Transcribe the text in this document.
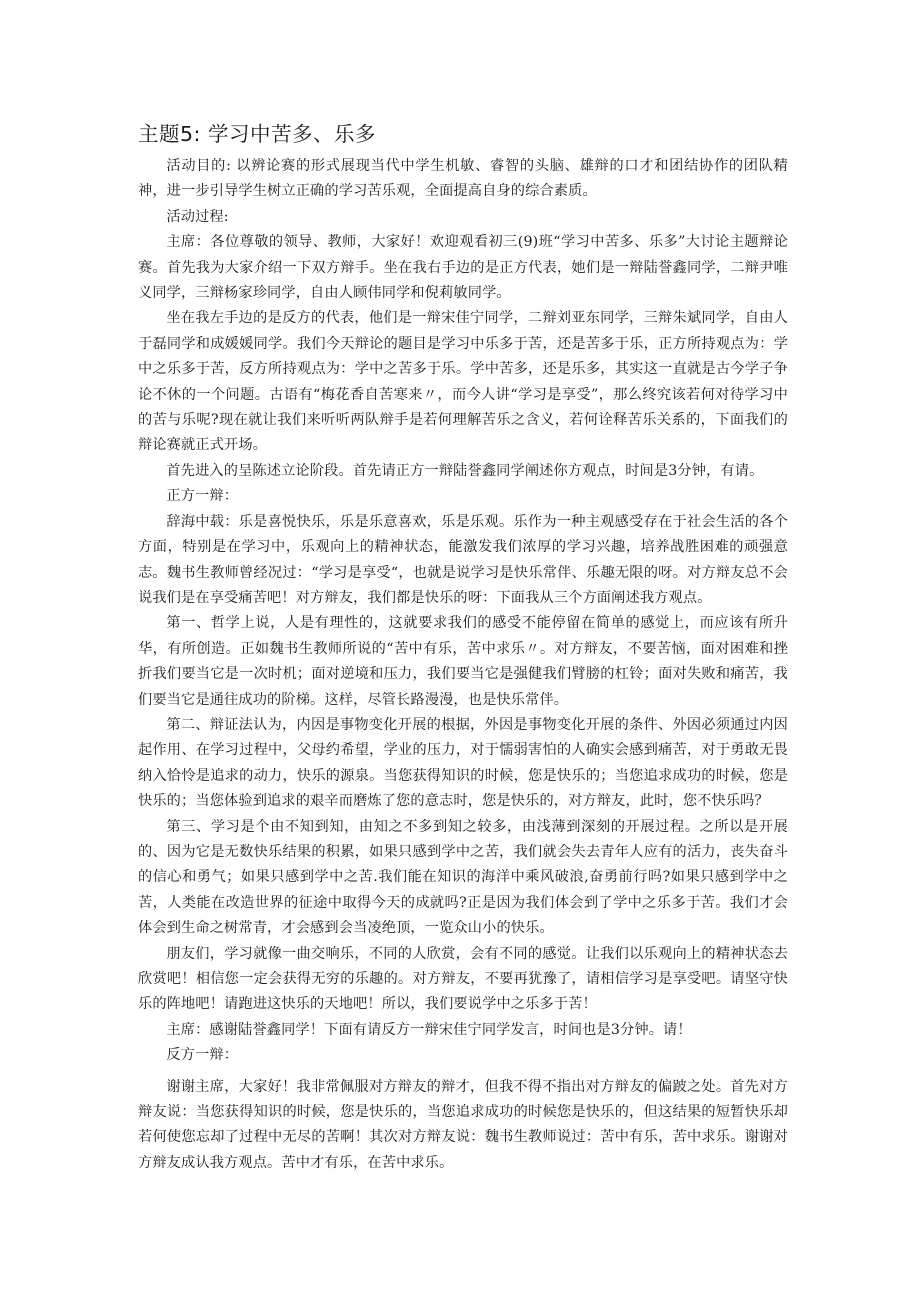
主题5: 学习中苦多、乐多

活动目的: 以辨论赛的形式展现当代中学生机敏、睿智的头脑、雄辩的口才和团结协作的团队精神，进一步引导学生树立正确的学习苦乐观，全面提高自身的综合素质。

活动过程:

主席：各位尊敬的领导、教师，大家好！欢迎观看初三(9)班“学习中苦多、乐多”大讨论主题辩论赛。首先我为大家介绍一下双方辩手。坐在我右手边的是正方代表，她们是一辩陆誉鑫同学，二辩尹唯义同学，三辩杨家珍同学，自由人顾伟同学和倪莉敏同学。

坐在我左手边的是反方的代表，他们是一辩宋佳宁同学，二辩刘亚东同学，三辩朱斌同学，自由人于磊同学和成媛媛同学。我们今天辩论的题目是学习中乐多于苦，还是苦多于乐，正方所持观点为：学中之乐多于苦，反方所持观点为：学中之苦多于乐。学中苦多，还是乐多，其实这一直就是古今学子争论不休的一个问题。古语有“梅花香自苦寒来〃，而今人讲“学习是享受”，那么终究该若何对待学习中的苦与乐呢?现在就让我们来听听两队辩手是若何理解苦乐之含义，若何诠释苦乐关系的，下面我们的辩论赛就正式开场。

首先进入的呈陈述立论阶段。首先请正方一辩陆誉鑫同学阐述你方观点，时间是3分钟，有请。

正方一辩：

辞海中载：乐是喜悦快乐，乐是乐意喜欢，乐是乐观。乐作为一种主观感受存在于社会生活的各个方面，特别是在学习中，乐观向上的精神状态，能激发我们浓厚的学习兴趣，培养战胜困难的顽强意志。魏书生教师曾经况过：“学习是享受“，也就是说学习是快乐常伴、乐趣无限的呀。对方辩友总不会说我们是在享受痛苦吧！对方辩友，我们都是快乐的呀：下面我从三个方面阐述我方观点。

第一、哲学上说，人是有理性的，这就要求我们的感受不能停留在简单的感觉上，而应该有所升华，有所创造。正如魏书生教师所说的“苦中有乐，苦中求乐〃。对方辩友，不要苦恼，面对困难和挫折我们要当它是一次时机；面对逆境和压力，我们要当它是强健我们臂膀的杠铃；面对失败和痛苦，我们要当它是通往成功的阶梯。这样，尽管长路漫漫，也是快乐常伴。

第二、辩证法认为，内因是事物变化开展的根据，外因是事物变化开展的条件、外因必须通过内因起作用、在学习过程中，父母约希望，学业的压力，对于懦弱害怕的人确实会感到痛苦，对于勇敢无畏纳入恰怜是追求的动力，快乐的源泉。当您获得知识的时候，您是快乐的；当您追求成功的时候，您是快乐的；当您体验到追求的艰辛而磨炼了您的意志时，您是快乐的，对方辩友，此时，您不快乐吗？

第三、学习是个由不知到知，由知之不多到知之较多，由浅薄到深刻的开展过程。之所以是开展的、因为它是无数快乐结果的积累，如果只感到学中之苦，我们就会失去青年人应有的活力，丧失奋斗的信心和勇气；如果只感到学中之苦.我们能在知识的海洋中乘风破浪,奋勇前行吗?如果只感到学中之苦，人类能在改造世界的征途中取得今天的成就吗?正是因为我们体会到了学中之乐多于苦。我们才会体会到生命之树常青，才会感到会当凌绝顶，一览众山小的快乐。

朋友们，学习就像一曲交响乐，不同的人欣赏，会有不同的感觉。让我们以乐观向上的精神状态去欣赏吧！相信您一定会获得无穷的乐趣的。对方辩友，不要再犹豫了，请相信学习是享受吧。请坚守快乐的阵地吧！请跑进这快乐的天地吧！所以，我们要说学中之乐多于苦！

主席：感谢陆誉鑫同学！下面有请反方一辩宋佳宁同学发言，时间也是3分钟。请！

反方一辩：

谢谢主席，大家好！我非常佩服对方辩友的辩才，但我不得不指出对方辩友的偏跛之处。首先对方辩友说：当您获得知识的时候，您是快乐的，当您追求成功的时候您是快乐的，但这结果的短暂快乐却若何使您忘却了过程中无尽的苦啊！其次对方辩友说：魏书生教师说过：苦中有乐，苦中求乐。谢谢对方辩友成认我方观点。苦中才有乐，在苦中求乐。
